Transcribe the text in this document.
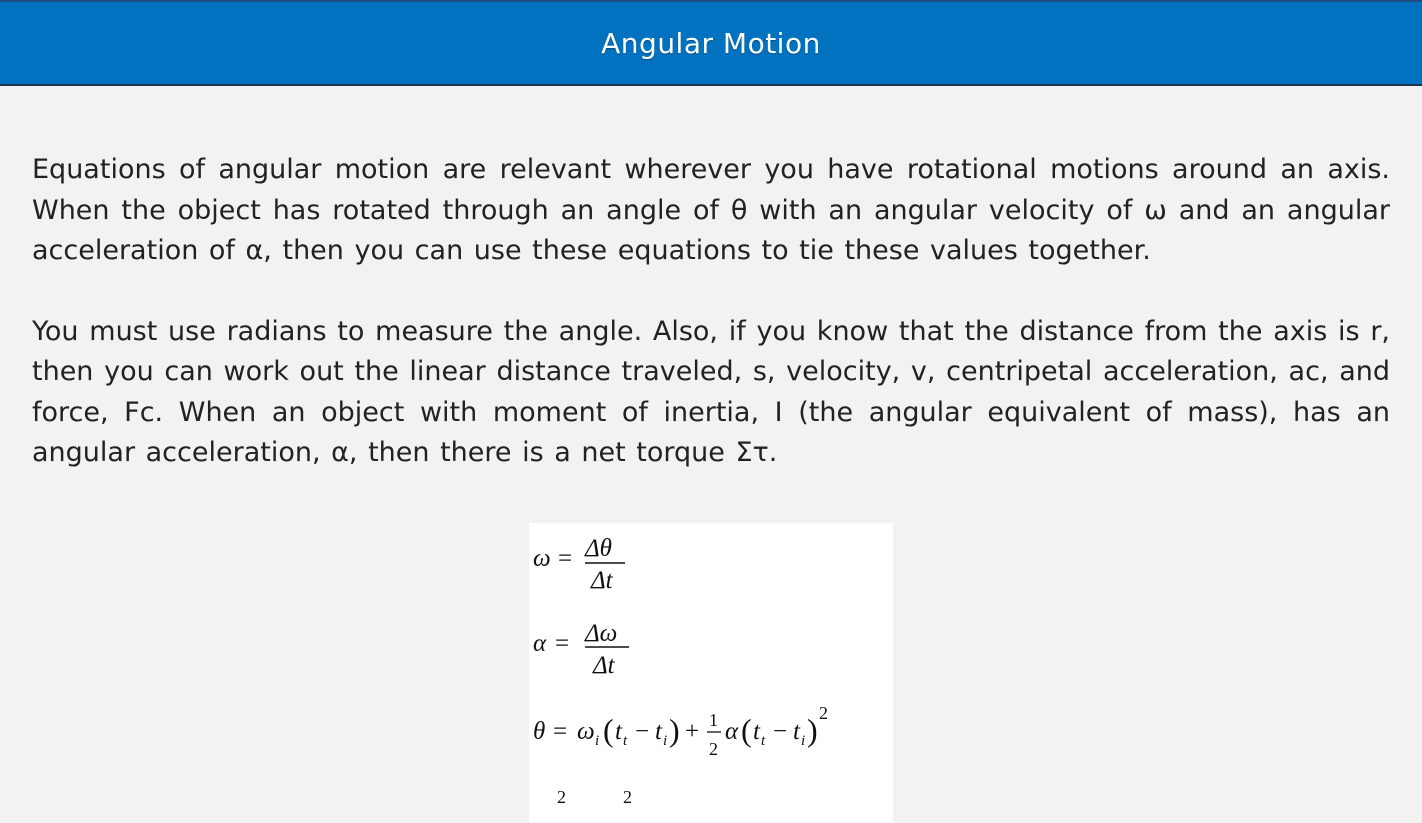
Angular Motion

Equations of angular motion are relevant wherever you have rotational motions around an axis. When the object has rotated through an angle of θ with an angular velocity of ω and an angular acceleration of α, then you can use these equations to tie these values together.

You must use radians to measure the angle. Also, if you know that the distance from the axis is r, then you can work out the linear distance traveled, s, velocity, v, centripetal acceleration, ac, and force, Fc. When an object with moment of inertia, I (the angular equivalent of mass), has an angular acceleration, α, then there is a net torque Στ.

ω = Δθ
Δt
α = Δω
Δt
θ = ω i ( t t − t i ) + 1
2
α ( t t − t i ) 2
2	2
